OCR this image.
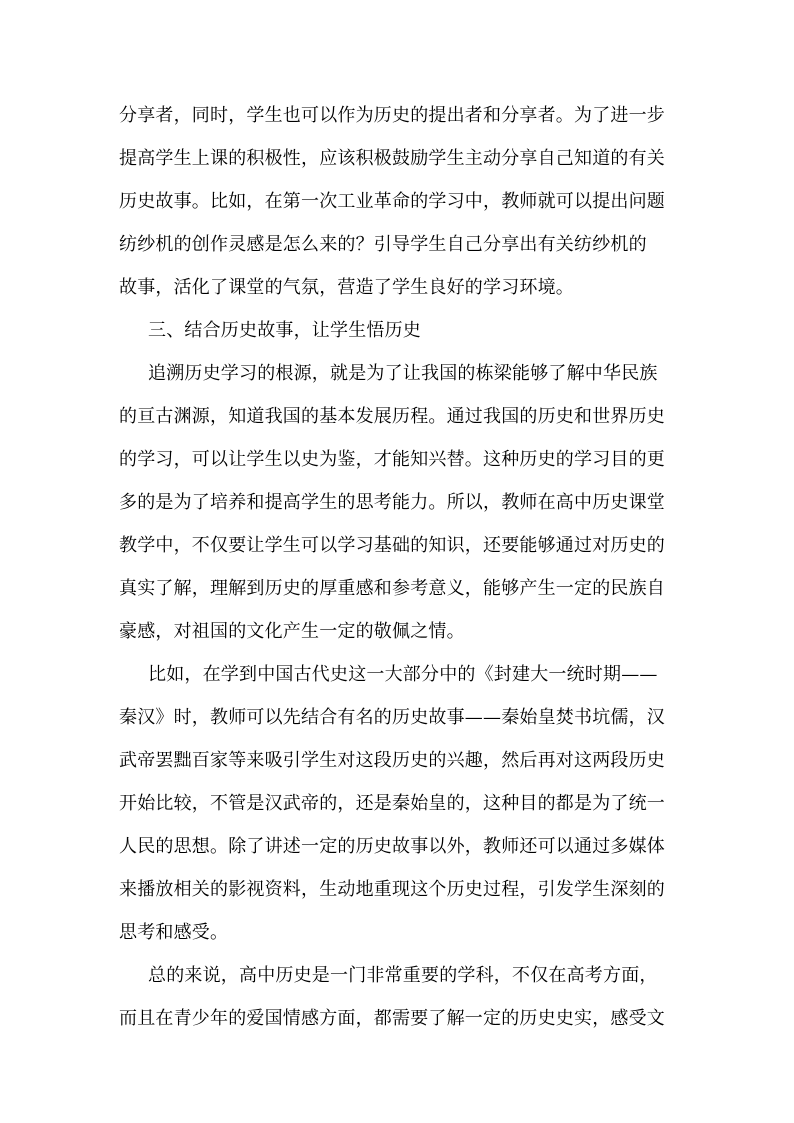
分享者，同时，学生也可以作为历史的提出者和分享者。为了进一步
提高学生上课的积极性，应该积极鼓励学生主动分享自己知道的有关
历史故事。比如，在第一次工业革命的学习中，教师就可以提出问题
纺纱机的创作灵感是怎么来的？引导学生自己分享出有关纺纱机的
故事，活化了课堂的气氛，营造了学生良好的学习环境。
三、结合历史故事，让学生悟历史
追溯历史学习的根源，就是为了让我国的栋梁能够了解中华民族
的亘古渊源，知道我国的基本发展历程。通过我国的历史和世界历史
的学习，可以让学生以史为鉴，才能知兴替。这种历史的学习目的更
多的是为了培养和提高学生的思考能力。所以，教师在高中历史课堂
教学中，不仅要让学生可以学习基础的知识，还要能够通过对历史的
真实了解，理解到历史的厚重感和参考意义，能够产生一定的民族自
豪感，对祖国的文化产生一定的敬佩之情。
比如，在学到中国古代史这一大部分中的《封建大一统时期——
秦汉》时，教师可以先结合有名的历史故事——秦始皇焚书坑儒，汉
武帝罢黜百家等来吸引学生对这段历史的兴趣，然后再对这两段历史
开始比较，不管是汉武帝的，还是秦始皇的，这种目的都是为了统一
人民的思想。除了讲述一定的历史故事以外，教师还可以通过多媒体
来播放相关的影视资料，生动地重现这个历史过程，引发学生深刻的
思考和感受。
总的来说，高中历史是一门非常重要的学科，不仅在高考方面，
而且在青少年的爱国情感方面，都需要了解一定的历史史实，感受文
